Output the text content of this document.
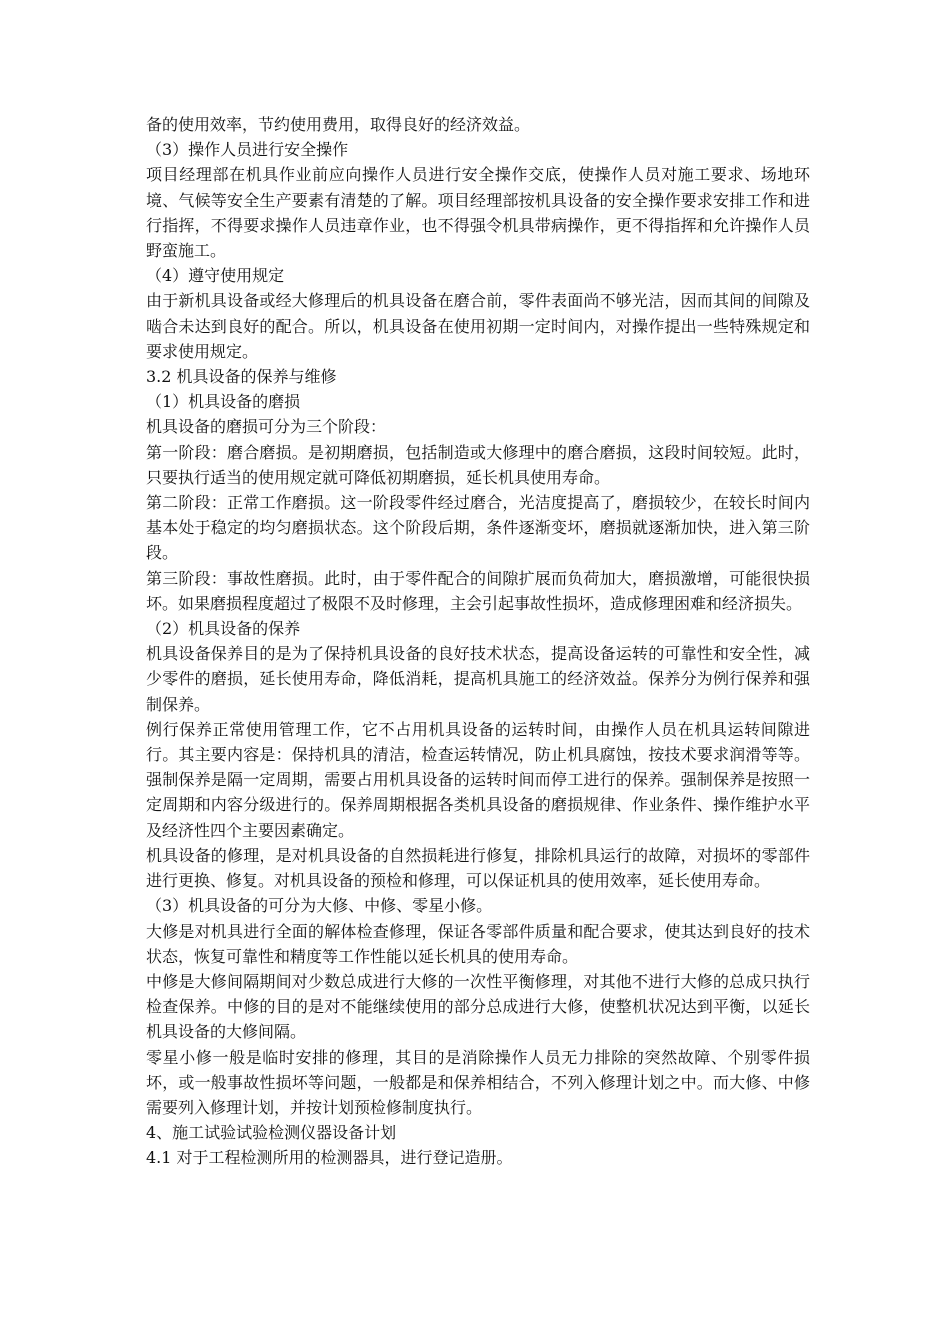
备的使用效率，节约使用费用，取得良好的经济效益。

（3）操作人员进行安全操作

项目经理部在机具作业前应向操作人员进行安全操作交底，使操作人员对施工要求、场地环境、气候等安全生产要素有清楚的了解。项目经理部按机具设备的安全操作要求安排工作和进行指挥，不得要求操作人员违章作业，也不得强令机具带病操作，更不得指挥和允许操作人员野蛮施工。

（4）遵守使用规定

由于新机具设备或经大修理后的机具设备在磨合前，零件表面尚不够光洁，因而其间的间隙及啮合未达到良好的配合。所以，机具设备在使用初期一定时间内，对操作提出一些特殊规定和要求使用规定。

3.2 机具设备的保养与维修

（1）机具设备的磨损

机具设备的磨损可分为三个阶段：

第一阶段：磨合磨损。是初期磨损，包括制造或大修理中的磨合磨损，这段时间较短。此时，只要执行适当的使用规定就可降低初期磨损，延长机具使用寿命。

第二阶段：正常工作磨损。这一阶段零件经过磨合，光洁度提高了，磨损较少，在较长时间内基本处于稳定的均匀磨损状态。这个阶段后期，条件逐渐变坏，磨损就逐渐加快，进入第三阶段。

第三阶段：事故性磨损。此时，由于零件配合的间隙扩展而负荷加大，磨损激增，可能很快损坏。如果磨损程度超过了极限不及时修理，主会引起事故性损坏，造成修理困难和经济损失。

（2）机具设备的保养

机具设备保养目的是为了保持机具设备的良好技术状态，提高设备运转的可靠性和安全性，减少零件的磨损，延长使用寿命，降低消耗，提高机具施工的经济效益。保养分为例行保养和强制保养。

例行保养正常使用管理工作，它不占用机具设备的运转时间，由操作人员在机具运转间隙进行。其主要内容是：保持机具的清洁，检查运转情况，防止机具腐蚀，按技术要求润滑等等。强制保养是隔一定周期，需要占用机具设备的运转时间而停工进行的保养。强制保养是按照一定周期和内容分级进行的。保养周期根据各类机具设备的磨损规律、作业条件、操作维护水平及经济性四个主要因素确定。

机具设备的修理，是对机具设备的自然损耗进行修复，排除机具运行的故障，对损坏的零部件进行更换、修复。对机具设备的预检和修理，可以保证机具的使用效率，延长使用寿命。

（3）机具设备的可分为大修、中修、零星小修。

大修是对机具进行全面的解体检查修理，保证各零部件质量和配合要求，使其达到良好的技术状态，恢复可靠性和精度等工作性能以延长机具的使用寿命。

中修是大修间隔期间对少数总成进行大修的一次性平衡修理，对其他不进行大修的总成只执行检查保养。中修的目的是对不能继续使用的部分总成进行大修，使整机状况达到平衡，以延长机具设备的大修间隔。

零星小修一般是临时安排的修理，其目的是消除操作人员无力排除的突然故障、个别零件损坏，或一般事故性损坏等问题，一般都是和保养相结合，不列入修理计划之中。而大修、中修需要列入修理计划，并按计划预检修制度执行。

4、施工试验试验检测仪器设备计划

4.1 对于工程检测所用的检测器具，进行登记造册。
